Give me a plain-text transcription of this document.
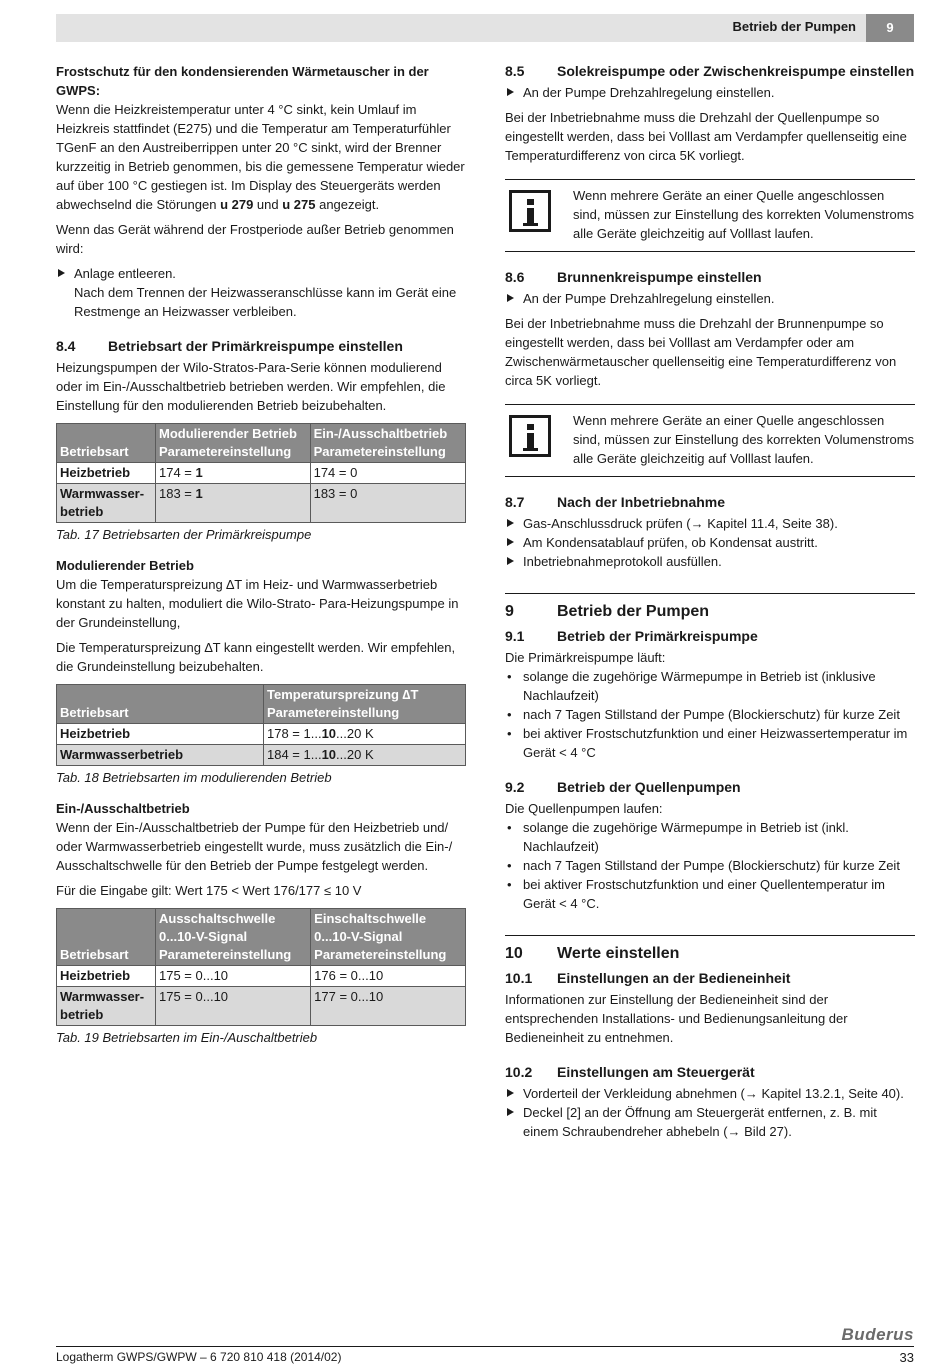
Betrieb der Pumpen	9
Frostschutz für den kondensierenden Wärmetauscher in der GWPS:

Wenn die Heizkreistemperatur unter 4 °C sinkt, kein Umlauf im Heizkreis stattfindet (E275) und die Temperatur am Temperaturfühler TGenF an den Austreiberrippen unter 20 °C sinkt, wird der Brenner kurzzeitig in Betrieb genommen, bis die gemessene Temperatur wieder auf über 100 °C gestiegen ist. Im Display des Steuergeräts werden abwechselnd die Störungen u 279 und u 275 angezeigt.

Wenn das Gerät während der Frostperiode außer Betrieb genommen wird:

Anlage entleeren.
Nach dem Trennen der Heizwasseranschlüsse kann im Gerät eine Restmenge an Heizwasser verbleiben.
8.4	Betriebsart der Primärkreispumpe einstellen

Heizungspumpen der Wilo-Stratos-Para-Serie können modulierend oder im Ein-/Ausschaltbetrieb betrieben werden. Wir empfehlen, die Einstellung für den modulierenden Betrieb beizubehalten.

Betriebsart	Modulierender Betrieb Parametereinstellung	Ein-/Ausschaltbetrieb Parametereinstellung
Heizbetrieb	174 = 1	174 = 0
Warmwasser-betrieb	183 = 1	183 = 0
Tab. 17 Betriebsarten der Primärkreispumpe
Modulierender Betrieb

Um die Temperaturspreizung ∆T im Heiz- und Warmwasserbetrieb konstant zu halten, moduliert die Wilo-Strato- Para-Heizungspumpe in der Grundeinstellung,

Die Temperaturspreizung ∆T kann eingestellt werden. Wir empfehlen, die Grundeinstellung beizubehalten.

Betriebsart	Temperaturspreizung ∆T Parametereinstellung
Heizbetrieb	178 = 1...10...20 K
Warmwasserbetrieb	184 = 1...10...20 K
Tab. 18 Betriebsarten im modulierenden Betrieb
Ein-/Ausschaltbetrieb

Wenn der Ein-/Ausschaltbetrieb der Pumpe für den Heizbetrieb und/ oder Warmwasserbetrieb eingestellt wurde, muss zusätzlich die Ein-/ Ausschaltschwelle für den Betrieb der Pumpe festgelegt werden.

Für die Eingabe gilt: Wert 175 < Wert 176/177 ≤ 10 V

Betriebsart	Ausschaltschwelle 0...10-V-Signal Parametereinstellung	Einschaltschwelle 0...10-V-Signal Parametereinstellung
Heizbetrieb	175 = 0...10	176 = 0...10
Warmwasser-betrieb	175 = 0...10	177 = 0...10
Tab. 19 Betriebsarten im Ein-/Auschaltbetrieb
8.5	Solekreispumpe oder Zwischenkreispumpe einstellen
An der Pumpe Drehzahlregelung einstellen.

Bei der Inbetriebnahme muss die Drehzahl der Quellenpumpe so eingestellt werden, dass bei Volllast am Verdampfer quellenseitig eine Temperaturdifferenz von circa 5K vorliegt.

Wenn mehrere Geräte an einer Quelle angeschlossen sind, müssen zur Einstellung des korrekten Volumenstroms alle Geräte gleichzeitig auf Volllast laufen.
8.6	Brunnenkreispumpe einstellen
An der Pumpe Drehzahlregelung einstellen.

Bei der Inbetriebnahme muss die Drehzahl der Brunnenpumpe so eingestellt werden, dass bei Volllast am Verdampfer oder am Zwischenwärmetauscher quellenseitig eine Temperaturdifferenz von circa 5K vorliegt.

Wenn mehrere Geräte an einer Quelle angeschlossen sind, müssen zur Einstellung des korrekten Volumenstroms alle Geräte gleichzeitig auf Volllast laufen.
8.7	Nach der Inbetriebnahme
Gas-Anschlussdruck prüfen (→ Kapitel 11.4, Seite 38).
Am Kondensatablauf prüfen, ob Kondensat austritt.
Inbetriebnahmeprotokoll ausfüllen.
9	Betrieb der Pumpen
9.1	Betrieb der Primärkreispumpe
Die Primärkreispumpe läuft:
• solange die zugehörige Wärmepumpe in Betrieb ist (inklusive Nachlaufzeit)
• nach 7 Tagen Stillstand der Pumpe (Blockierschutz) für kurze Zeit
• bei aktiver Frostschutzfunktion und einer Heizwassertemperatur im Gerät < 4 °C
9.2	Betrieb der Quellenpumpen
Die Quellenpumpen laufen:
• solange die zugehörige Wärmepumpe in Betrieb ist (inkl. Nachlaufzeit)
• nach 7 Tagen Stillstand der Pumpe (Blockierschutz) für kurze Zeit
• bei aktiver Frostschutzfunktion und einer Quellentemperatur im Gerät < 4 °C.
10	Werte einstellen
10.1	Einstellungen an der Bedieneinheit

Informationen zur Einstellung der Bedieneinheit sind der entsprechenden Installations- und Bedienungsanleitung der Bedieneinheit zu entnehmen.

10.2	Einstellungen am Steuergerät
Vorderteil der Verkleidung abnehmen (→ Kapitel 13.2.1, Seite 40).
Deckel [2] an der Öffnung am Steuergerät entfernen, z. B. mit einem Schraubendreher abhebeln (→ Bild 27).
Buderus
Logatherm GWPS/GWPW – 6 720 810 418 (2014/02)	33
